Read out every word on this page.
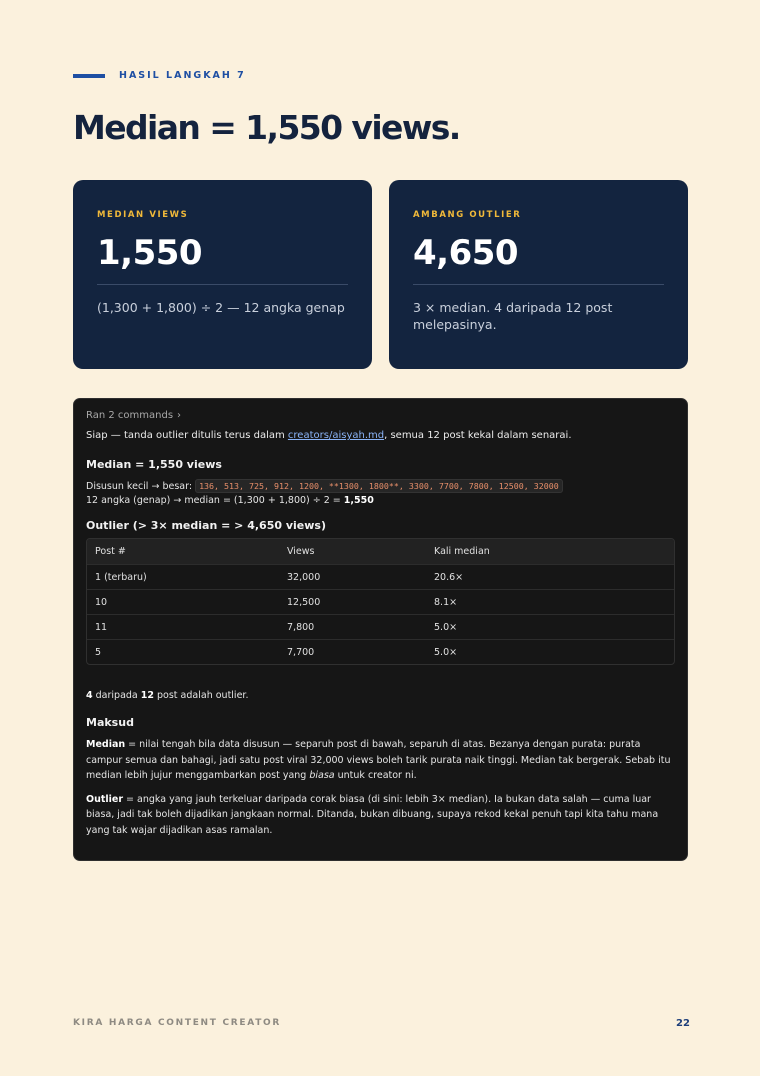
HASIL LANGKAH 7
Median = 1,550 views.
MEDIAN VIEWS
1,550
(1,300 + 1,800) ÷ 2 — 12 angka genap
AMBANG OUTLIER
4,650
3 × median. 4 daripada 12 post melepasinya.
Ran 2 commands ›

Siap — tanda outlier ditulis terus dalam creators/aisyah.md, semua 12 post kekal dalam senarai.

Median = 1,550 views
Disusun kecil → besar: 136, 513, 725, 912, 1200, **1300, 1800**, 3300, 7700, 7800, 12500, 32000
12 angka (genap) → median = (1,300 + 1,800) ÷ 2 = 1,550
Outlier (> 3× median = > 4,650 views)
Post #	Views	Kali median
1 (terbaru)	32,000	20.6×
10	12,500	8.1×
11	7,800	5.0×
5	7,700	5.0×
4 daripada 12 post adalah outlier.
Maksud

Median = nilai tengah bila data disusun — separuh post di bawah, separuh di atas. Bezanya dengan purata: purata campur semua dan bahagi, jadi satu post viral 32,000 views boleh tarik purata naik tinggi. Median tak bergerak. Sebab itu median lebih jujur menggambarkan post yang biasa untuk creator ni.

Outlier = angka yang jauh terkeluar daripada corak biasa (di sini: lebih 3× median). Ia bukan data salah — cuma luar biasa, jadi tak boleh dijadikan jangkaan normal. Ditanda, bukan dibuang, supaya rekod kekal penuh tapi kita tahu mana yang tak wajar dijadikan asas ramalan.

KIRA HARGA CONTENT CREATOR	22
